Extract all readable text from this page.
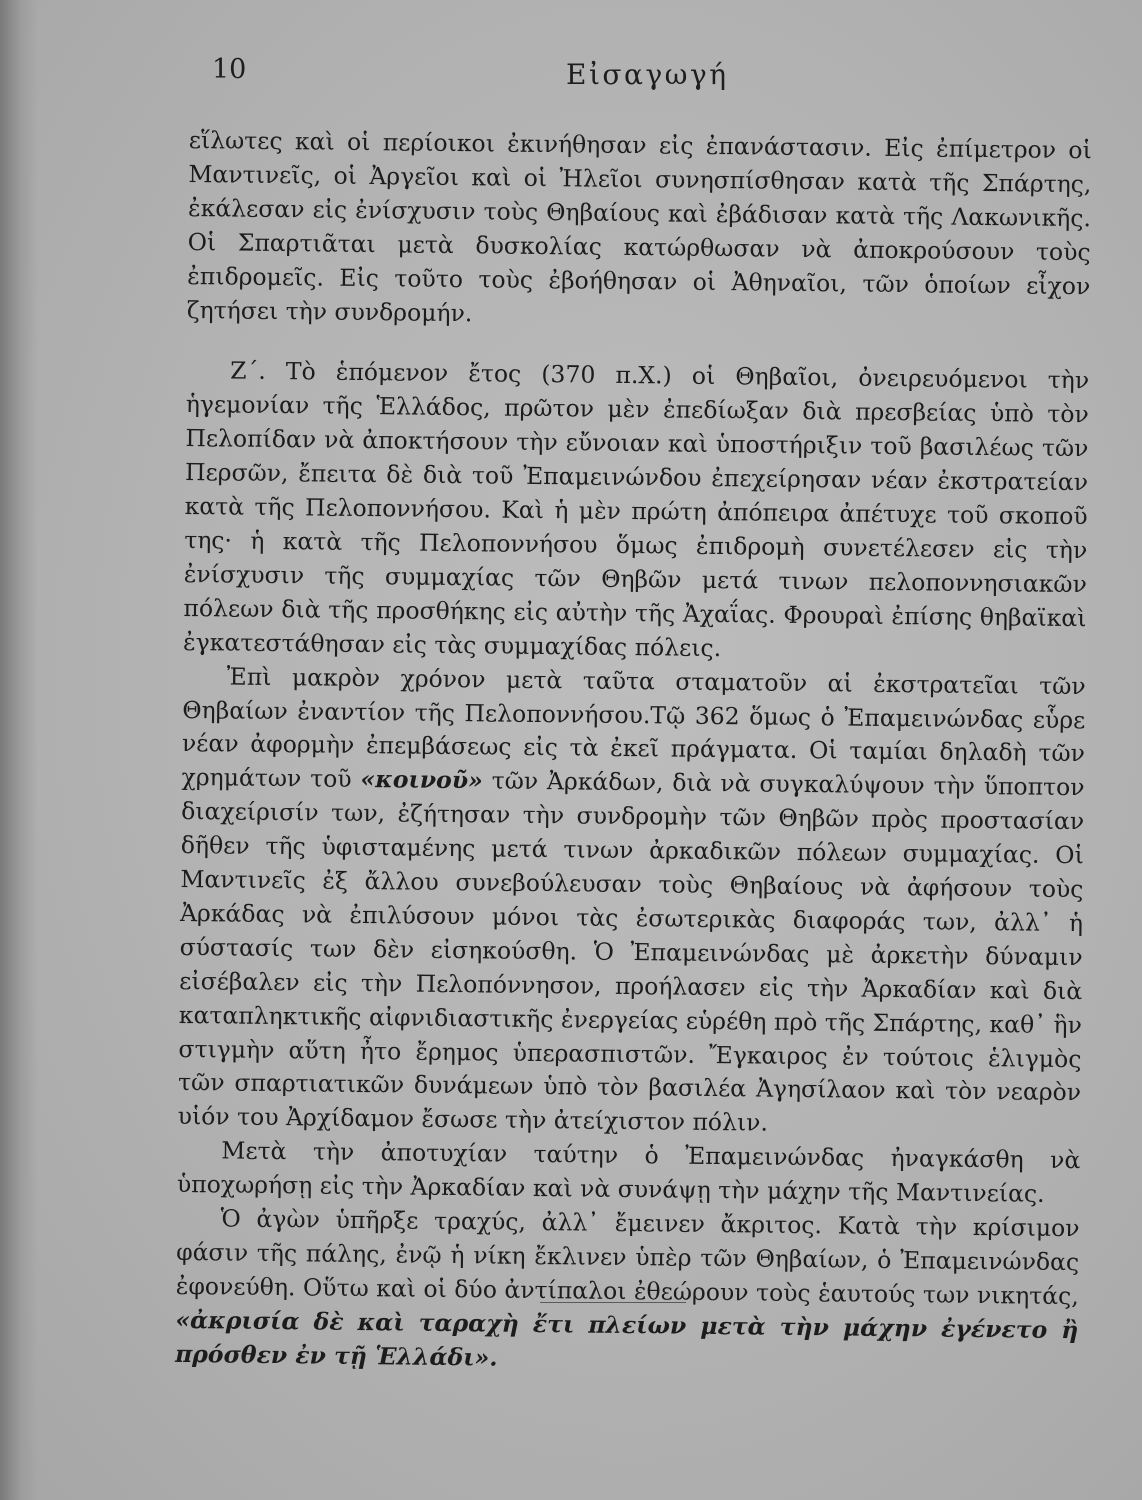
10	Εἰσαγωγή

εἵλωτες καὶ οἱ περίοικοι ἐκινήθησαν εἰς ἐπανάστασιν. Εἰς ἐπίμετρον οἱ Μαντινεῖς, οἱ Ἀργεῖοι καὶ οἱ Ἠλεῖοι συνησπίσθησαν κατὰ τῆς Σπάρτης, ἐκάλεσαν εἰς ἐνίσχυσιν τοὺς Θηβαίους καὶ ἐβάδισαν κατὰ τῆς Λακωνικῆς. Οἱ Σπαρτιᾶται μετὰ δυσκολίας κατώρθωσαν νὰ ἀποκρούσουν τοὺς ἐπιδρομεῖς. Εἰς τοῦτο τοὺς ἐβοήθησαν οἱ Ἀθηναῖοι, τῶν ὁποίων εἶχον ζητήσει τὴν συνδρομήν.

Ζ΄. Τὸ ἑπόμενον ἔτος (370 π.Χ.) οἱ Θηβαῖοι, ὀνειρευόμενοι τὴν ἡγεμονίαν τῆς Ἑλλάδος, πρῶτον μὲν ἐπεδίωξαν διὰ πρεσβείας ὑπὸ τὸν Πελοπίδαν νὰ ἀποκτήσουν τὴν εὔνοιαν καὶ ὑποστήριξιν τοῦ βασιλέως τῶν Περσῶν, ἔπειτα δὲ διὰ τοῦ Ἐπαμεινώνδου ἐπεχείρησαν νέαν ἐκστρατείαν κατὰ τῆς Πελοποννήσου. Καὶ ἡ μὲν πρώτη ἀπόπειρα ἀπέτυχε τοῦ σκοποῦ της· ἡ κατὰ τῆς Πελοποννήσου ὅμως ἐπιδρομὴ συνετέλεσεν εἰς τὴν ἐνίσχυσιν τῆς συμμαχίας τῶν Θηβῶν μετά τινων πελοποννησιακῶν πόλεων διὰ τῆς προσθήκης εἰς αὐτὴν τῆς Ἀχαΐας. Φρουραὶ ἐπίσης θηβαϊκαὶ ἐγκατεστάθησαν εἰς τὰς συμμαχίδας πόλεις.

Ἐπὶ μακρὸν χρόνον μετὰ ταῦτα σταματοῦν αἱ ἐκστρατεῖαι τῶν Θηβαίων ἐναντίον τῆς Πελοποννήσου.Τῷ 362 ὅμως ὁ Ἐπαμεινώνδας εὗρε νέαν ἀφορμὴν ἐπεμβάσεως εἰς τὰ ἐκεῖ πράγματα. Οἱ ταμίαι δηλαδὴ τῶν χρημάτων τοῦ «κοινοῦ» τῶν Ἀρκάδων, διὰ νὰ συγκαλύψουν τὴν ὕποπτον διαχείρισίν των, ἐζήτησαν τὴν συνδρομὴν τῶν Θηβῶν πρὸς προστασίαν δῆθεν τῆς ὑφισταμένης μετά τινων ἀρκαδικῶν πόλεων συμμαχίας. Οἱ Μαντινεῖς ἐξ ἄλλου συνεβούλευσαν τοὺς Θηβαίους νὰ ἀφήσουν τοὺς Ἀρκάδας νὰ ἐπιλύσουν μόνοι τὰς ἐσωτερικὰς διαφοράς των, ἀλλ᾽ ἡ σύστασίς των δὲν εἰσηκούσθη. Ὁ Ἐπαμεινώνδας μὲ ἀρκετὴν δύναμιν εἰσέβαλεν εἰς τὴν Πελοπόννησον, προήλασεν εἰς τὴν Ἀρκαδίαν καὶ διὰ καταπληκτικῆς αἰφνιδιαστικῆς ἐνεργείας εὑρέθη πρὸ τῆς Σπάρτης, καθ᾽ ἣν στιγμὴν αὕτη ἦτο ἔρημος ὑπερασπιστῶν. Ἔγκαιρος ἐν τούτοις ἑλιγμὸς τῶν σπαρτιατικῶν δυνάμεων ὑπὸ τὸν βασιλέα Ἀγησίλαον καὶ τὸν νεαρὸν υἱόν του Ἀρχίδαμον ἔσωσε τὴν ἀτείχιστον πόλιν.

Μετὰ τὴν ἀποτυχίαν ταύτην ὁ Ἐπαμεινώνδας ἠναγκάσθη νὰ ὑποχωρήσῃ εἰς τὴν Ἀρκαδίαν καὶ νὰ συνάψῃ τὴν μάχην τῆς Μαντινείας.

Ὁ ἀγὼν ὑπῆρξε τραχύς, ἀλλ᾽ ἔμεινεν ἄκριτος. Κατὰ τὴν κρίσιμον φάσιν τῆς πάλης, ἐνῷ ἡ νίκη ἔκλινεν ὑπὲρ τῶν Θηβαίων, ὁ Ἐπαμεινώνδας ἐφονεύθη. Οὕτω καὶ οἱ δύο ἀντίπαλοι ἐθεώρουν τοὺς ἑαυτούς των νικητάς, «ἀκρισία δὲ καὶ ταραχὴ ἔτι πλείων μετὰ τὴν μάχην ἐγένετο ἢ πρόσθεν ἐν τῇ Ἑλλάδι».
